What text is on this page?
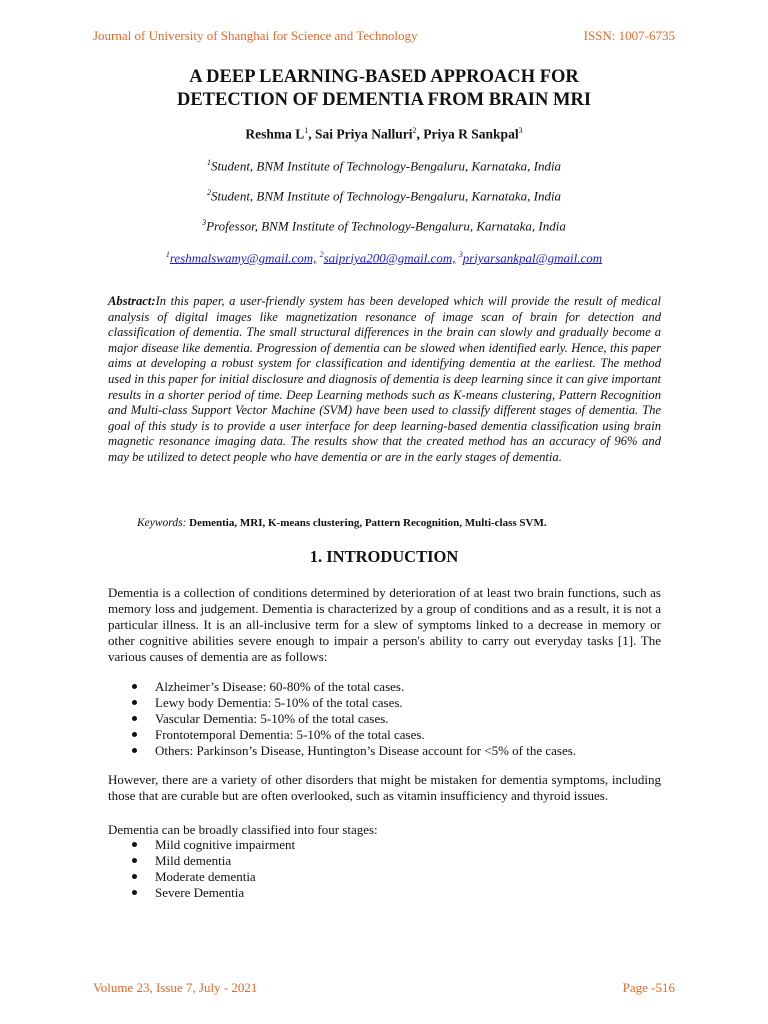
Journal of University of Shanghai for Science and Technology	ISSN: 1007-6735
A DEEP LEARNING-BASED APPROACH FOR
DETECTION OF DEMENTIA FROM BRAIN MRI
Reshma $L^1$, Sai Priya Nalluri$^2$, Priya R Sankpal$^3$
$^1$Student, BNM Institute of Technology-Bengaluru, Karnataka, India
$^2$Student, BNM Institute of Technology-Bengaluru, Karnataka, India
$^3$Professor, BNM Institute of Technology-Bengaluru, Karnataka, India
$^1$reshmalswamy@gmail.com, $^2$saipriya200@gmail.com, $^3$priyarsankpal@gmail.com

Abstract:In this paper, a user-friendly system has been developed which will provide the result of medical analysis of digital images like magnetization resonance of image scan of brain for detection and classification of dementia. The small structural differences in the brain can slowly and gradually become a major disease like dementia. Progression of dementia can be slowed when identified early. Hence, this paper aims at developing a robust system for classification and identifying dementia at the earliest. The method used in this paper for initial disclosure and diagnosis of dementia is deep learning since it can give important results in a shorter period of time. Deep Learning methods such as K-means clustering, Pattern Recognition and Multi-class Support Vector Machine (SVM) have been used to classify different stages of dementia. The goal of this study is to provide a user interface for deep learning-based dementia classification using brain magnetic resonance imaging data. The results show that the created method has an accuracy of 96% and may be utilized to detect people who have dementia or are in the early stages of dementia.

Keywords: Dementia, MRI, K-means clustering, Pattern Recognition, Multi-class SVM.
1. INTRODUCTION

Dementia is a collection of conditions determined by deterioration of at least two brain functions, such as memory loss and judgement. Dementia is characterized by a group of conditions and as a result, it is not a particular illness. It is an all-inclusive term for a slew of symptoms linked to a decrease in memory or other cognitive abilities severe enough to impair a person's ability to carry out everyday tasks [1]. The various causes of dementia are as follows:

Alzheimer’s Disease: 60-80% of the total cases.
Lewy body Dementia: 5-10% of the total cases.
Vascular Dementia: 5-10% of the total cases.
Frontotemporal Dementia: 5-10% of the total cases.
Others: Parkinson’s Disease, Huntington’s Disease account for <5% of the cases.

However, there are a variety of other disorders that might be mistaken for dementia symptoms, including those that are curable but are often overlooked, such as vitamin insufficiency and thyroid issues.

Dementia can be broadly classified into four stages:

Mild cognitive impairment
Mild dementia
Moderate dementia
Severe Dementia
Volume 23, Issue 7, July - 2021	Page -516
